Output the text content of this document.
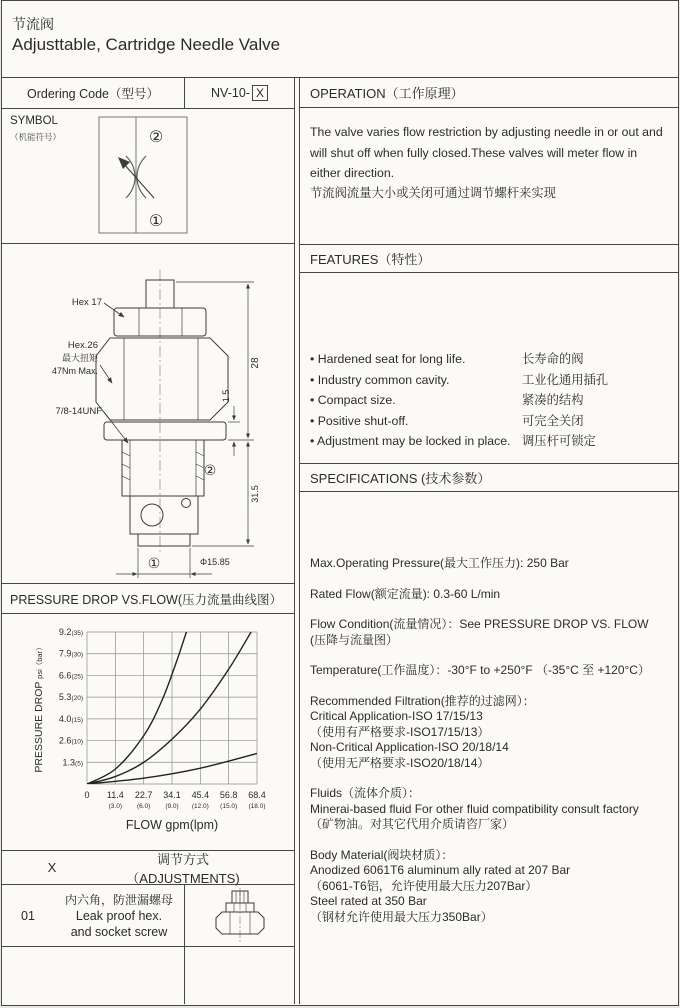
节流阀
Adjusttable, Cartridge Needle Valve
Ordering Code（型号）	NV-10- X
SYMBOL
（机能符号）	②
①
Hex 17
Hex.26
最大扭矩
47Nm Max.
7/8-14UNF
28
1.5
31.5
Φ15.85
②
①
PRESSURE DROP VS.FLOW(压力流量曲线图）
1.3(5)
2.6(10)
4.0(15)
5.3(20)
6.6(25)
7.9(30)
9.2(35)
0 11.4
(3.0)
22.7
(6.0)
34.1
(9.0)
45.4
(12.0)
56.8
(15.0)
68.4
(18.0)
PRESSURE DROP psi（bar）
FLOW gpm(lpm)
X
调节方式（ADJUSTMENTS)
01
内六角，防泄漏螺母
Leak proof hex.
and socket screw
OPERATION（工作原理）
The valve varies flow restriction by adjusting needle in or out and will shut off when fully closed.These valves will meter flow in either direction.
节流阀流量大小或关闭可通过调节螺杆来实现
FEATURES（特性）
• Hardened seat for long life.	长寿命的阀
• Industry common cavity.	工业化通用插孔
• Compact size.	紧凑的结构
• Positive shut-off.	可完全关闭
• Adjustment may be locked in place. 调压杆可锁定
SPECIFICATIONS (技术参数）
Max.Operating Pressure(最大工作压力): 250 Bar
Rated Flow(额定流量): 0.3-60 L/min
Flow Condition(流量情况）：See PRESSURE DROP VS. FLOW
(压降与流量图）
Temperature(工作温度）：-30°F to +250°F （-35°C 至 +120°C）
Recommended Filtration(推荐的过滤网）：
Critical Application-ISO 17/15/13
（使用有严格要求-ISO17/15/13）
Non-Critical Application-ISO 20/18/14
（使用无严格要求-ISO20/18/14）
Fluids（流体介质）：
Minerai-based fluid For other fluid compatibility consult factory
（矿物油。对其它代用介质请咨厂家）
Body Material(阀块材质）：
Anodized 6061T6 aluminum ally rated at 207 Bar
（6061-T6铝，允许使用最大压力207Bar）
Steel rated at 350 Bar
（钢材允许使用最大压力350Bar）
